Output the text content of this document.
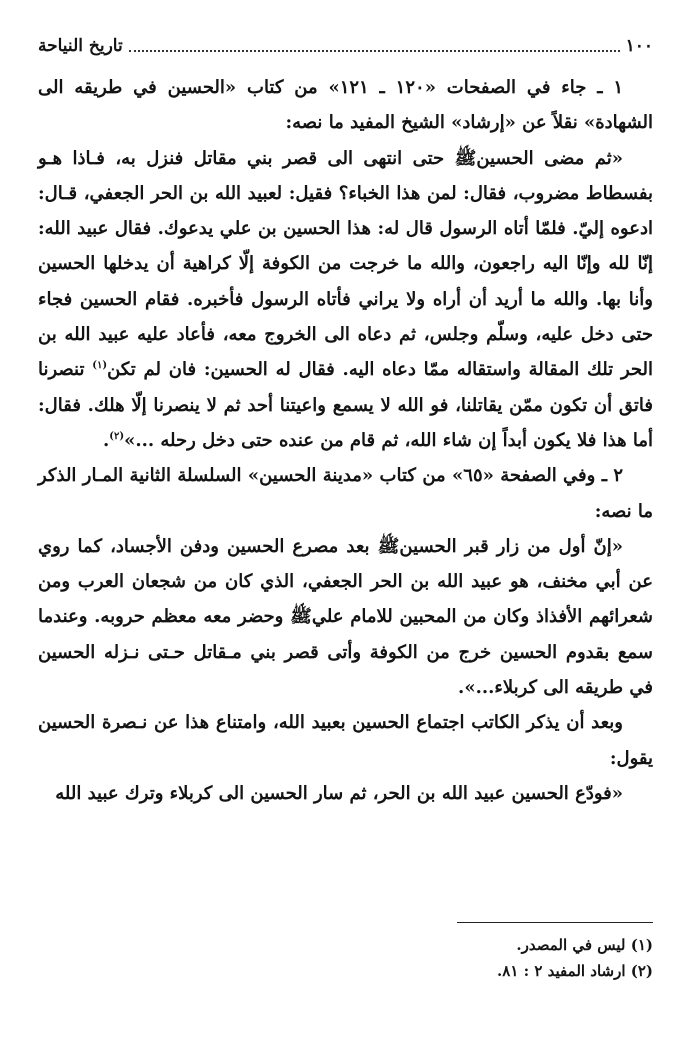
١٠٠
تاريخ النياحة

١ ـ جاء في الصفحات «١٢٠ ـ ١٢١» من كتاب «الحسين في طريقه الى الشهادة» نقلاً عن «إرشاد» الشيخ المفيد ما نصه:

«ثم مضى الحسينﷺ حتى انتهى الى قصر بني مقاتل فنزل به، فـاذا هـو بفسطاط مضروب، فقال: لمن هذا الخباء؟ فقيل: لعبيد الله بن الحر الجعفي، قـال: ادعوه إليّ. فلمّا أتاه الرسول قال له: هذا الحسين بن علي يدعوك. فقال عبيد الله: إنّا لله وإنّا اليه راجعون، والله ما خرجت من الكوفة إلّا كراهية أن يدخلها الحسين وأنا بها. والله ما أريد أن أراه ولا يراني فأتاه الرسول فأخبره. فقام الحسين فجاء حتى دخل عليه، وسلّم وجلس، ثم دعاه الى الخروج معه، فأعاد عليه عبيد الله بن الحر تلك المقالة واستقاله ممّا دعاه اليه. فقال له الحسين: فان لم تكن$^{(١)}$ تنصرنا فاتق أن تكون ممّن يقاتلنا، فو الله لا يسمع واعيتنا أحد ثم لا ينصرنا إلّا هلك. فقال: أما هذا فلا يكون أبداً إن شاء الله، ثم قام من عنده حتى دخل رحله ...»$^{(٢)}$.

٢ ـ وفي الصفحة «٦٥» من كتاب «مدينة الحسين» السلسلة الثانية المـار الذكر ما نصه:

«إنّ أول من زار قبر الحسينﷺ بعد مصرع الحسين ودفن الأجساد، كما روي عن أبي مخنف، هو عبيد الله بن الحر الجعفي، الذي كان من شجعان العرب ومن شعرائهم الأفذاذ وكان من المحبين للامام عليﷺ وحضر معه معظم حروبه. وعندما سمع بقدوم الحسين خرج من الكوفة وأتى قصر بني مـقاتل حـتى نـزله الحسين في طريقه الى كربلاء...».

وبعد أن يذكر الكاتب اجتماع الحسين بعبيد الله، وامتناع هذا عن نـصرة الحسين يقول:

«فودّع الحسين عبيد الله بن الحر، ثم سار الحسين الى كربلاء وترك عبيد الله

(١) ليس في المصدر.

(٢) ارشاد المفيد ٢ : ٨١.
